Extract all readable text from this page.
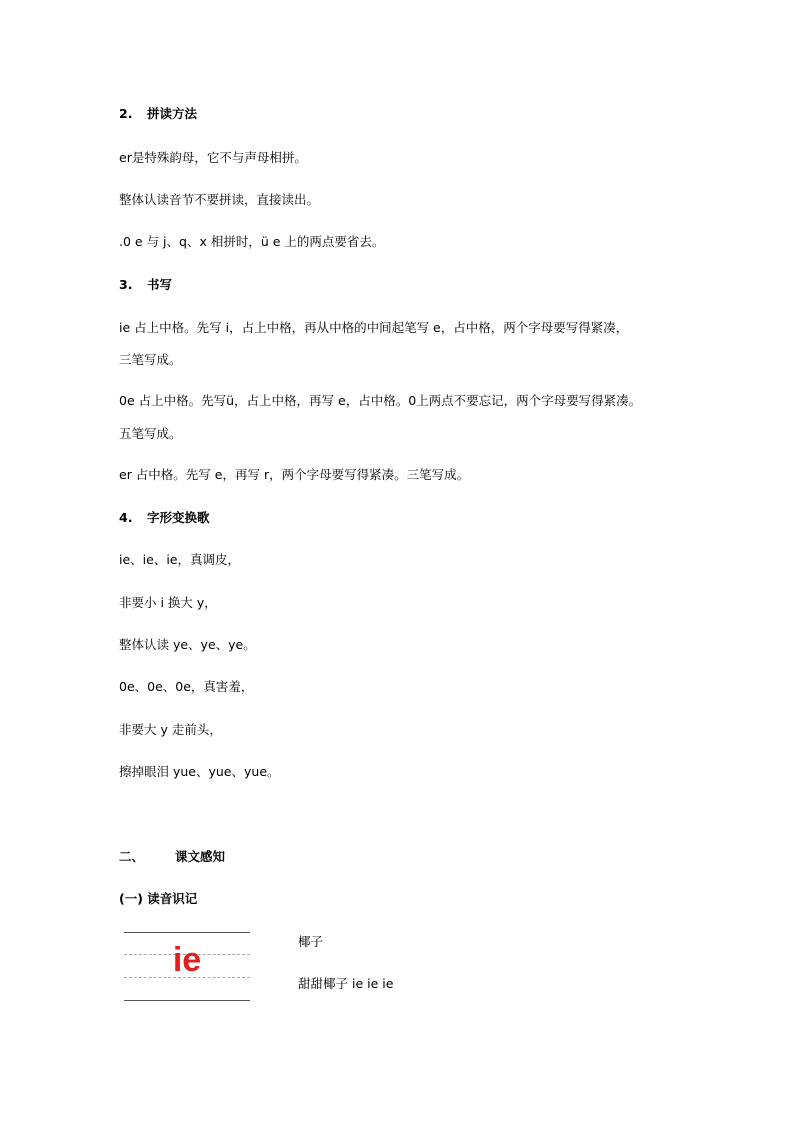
2. 拼读方法
er是特殊韵母，它不与声母相拼。
整体认读音节不要拼读，直接读出。
.0 e 与 j、q、x 相拼时，ü e 上的两点要省去。
3. 书写
ie 占上中格。先写 i，占上中格，再从中格的中间起笔写 e，占中格，两个字母要写得紧凑，
三笔写成。
0e 占上中格。先写ü，占上中格，再写 e，占中格。0上两点不要忘记，两个字母要写得紧凑。
五笔写成。
er 占中格。先写 e，再写 r，两个字母要写得紧凑。三笔写成。
4. 字形变换歌
ie、ie、ie，真调皮，
非要小 i 换大 y，
整体认读 ye、ye、ye。
0e、0e、0e，真害羞，
非要大 y 走前头，
擦掉眼泪 yue、yue、yue。
二、 课文感知
(一) 读音识记
ie	椰子
甜甜椰子 ie ie ie
